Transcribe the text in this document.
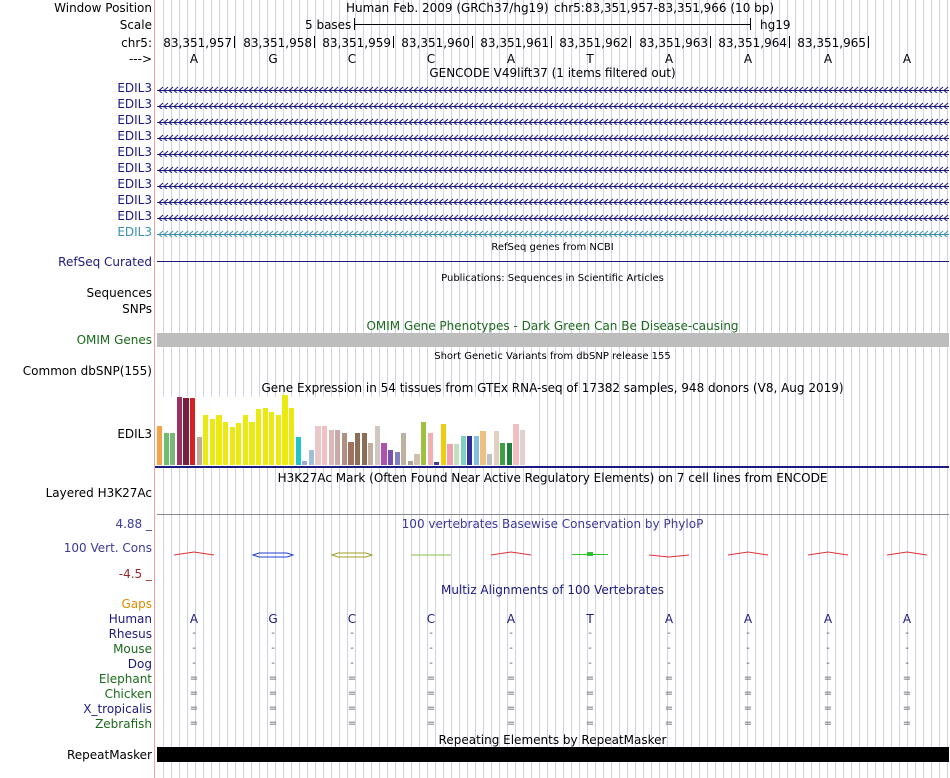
Window Position	Human Feb. 2009 (GRCh37/hg19) chr5:83,351,957-83,351,966 (10 bp)
Scale	5 bases	hg19
chr5: 83,351,957 83,351,958 83,351,959 83,351,960 83,351,961 83,351,962 83,351,963 83,351,964 83,351,965
--->	A	G	C	C	A	T	A	A	A	A
GENCODE V49lift37 (1 items filtered out)
EDIL3
EDIL3
EDIL3
EDIL3
EDIL3
EDIL3
EDIL3
EDIL3
EDIL3
EDIL3
RefSeq genes from NCBI
RefSeq Curated
Publications: Sequences in Scientific Articles
Sequences
SNPs
OMIM Gene Phenotypes - Dark Green Can Be Disease-causing
OMIM Genes
Short Genetic Variants from dbSNP release 155
Common dbSNP(155)
Gene Expression in 54 tissues from GTEx RNA-seq of 17382 samples, 948 donors (V8, Aug 2019)
EDIL3
H3K27Ac Mark (Often Found Near Active Regulatory Elements) on 7 cell lines from ENCODE
Layered H3K27Ac
100 vertebrates Basewise Conservation by PhyloP
4.88 _
100 Vert. Cons
-4.5 _
Multiz Alignments of 100 Vertebrates
Gaps
Human	A	G	C	C	A	T	A	A	A	A
Rhesus	-	-	-	-	-	-	-	-	-	-
Mouse	-	-	-	-	-	-	-	-	-	-
Dog	-	-	-	-	-	-	-	-	-	-
Elephant	=	=	=	=	=	=	=	=	=	=
Chicken	=	=	=	=	=	=	=	=	=	=
X_tropicalis	=	=	=	=	=	=	=	=	=	=
Zebrafish	=	=	=	=	=	=	=	=	=	=
Repeating Elements by RepeatMasker
RepeatMasker
